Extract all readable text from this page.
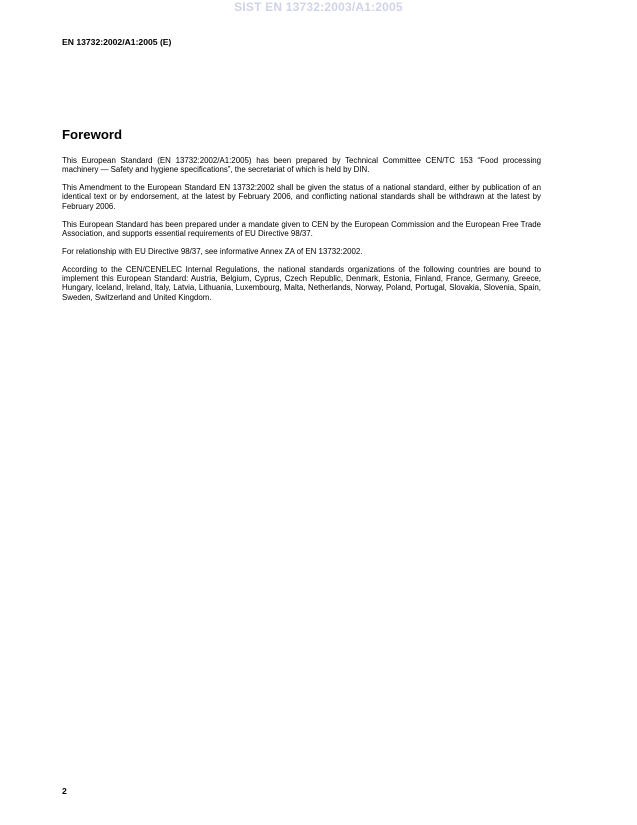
SIST EN 13732:2003/A1:2005
EN 13732:2002/A1:2005 (E)
Foreword

This European Standard (EN 13732:2002/A1:2005) has been prepared by Technical Committee CEN/TC 153 “Food processing machinery — Safety and hygiene specifications”, the secretariat of which is held by DIN.

This Amendment to the European Standard EN 13732:2002 shall be given the status of a national standard, either by publication of an identical text or by endorsement, at the latest by February 2006, and conflicting national standards shall be withdrawn at the latest by February 2006.

This European Standard has been prepared under a mandate given to CEN by the European Commission and the European Free Trade Association, and supports essential requirements of EU Directive 98/37.

For relationship with EU Directive 98/37, see informative Annex ZA of EN 13732:2002.

According to the CEN/CENELEC Internal Regulations, the national standards organizations of the following countries are bound to implement this European Standard: Austria, Belgium, Cyprus, Czech Republic, Denmark, Estonia, Finland, France, Germany, Greece, Hungary, Iceland, Ireland, Italy, Latvia, Lithuania, Luxembourg, Malta, Netherlands, Norway, Poland, Portugal, Slovakia, Slovenia, Spain, Sweden, Switzerland and United Kingdom.

2
